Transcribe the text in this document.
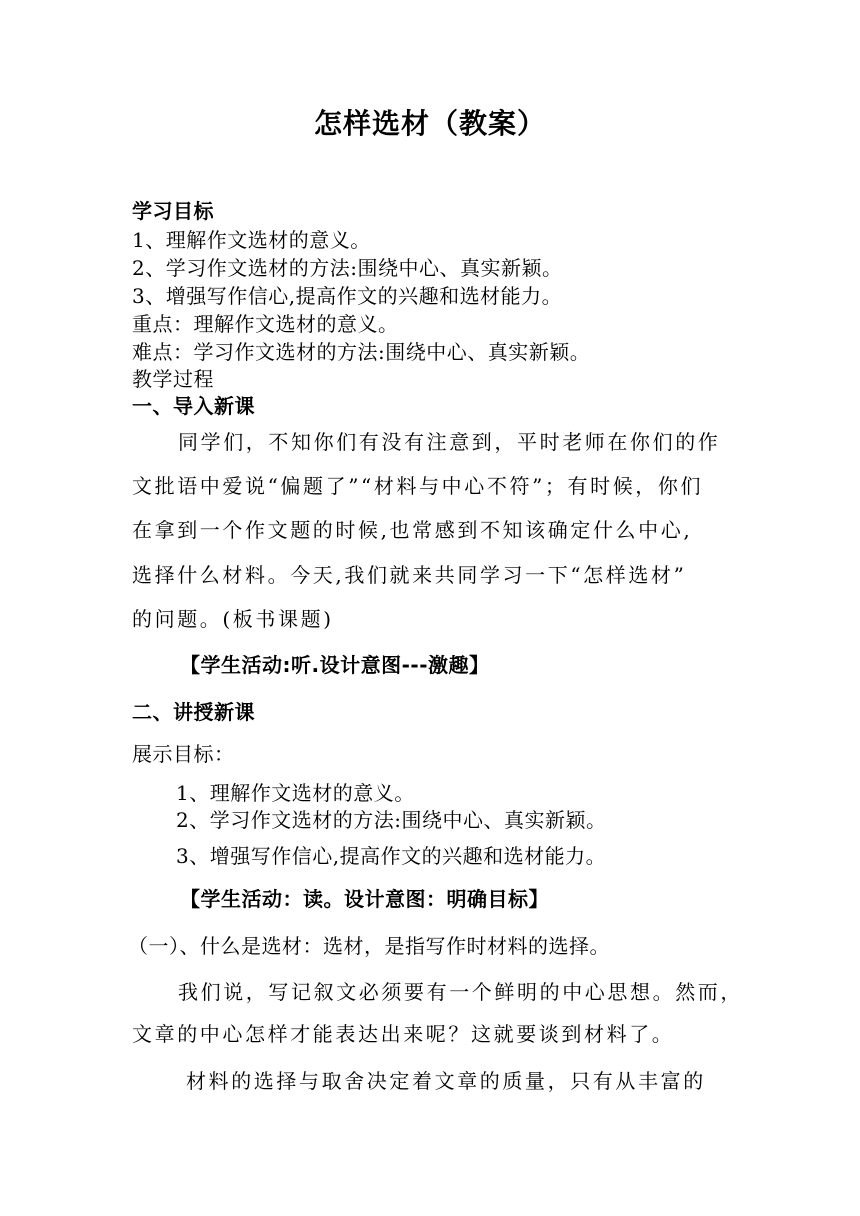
怎样选材（教案）
学习目标
1、理解作文选材的意义。
2、学习作文选材的方法:围绕中心、真实新颖。
3、增强写作信心,提高作文的兴趣和选材能力。
重点：理解作文选材的意义。
难点：学习作文选材的方法:围绕中心、真实新颖。
教学过程
一、导入新课
同学们，不知你们有没有注意到，平时老师在你们的作
文批语中爱说“偏题了”“材料与中心不符”；有时候，你们
在拿到一个作文题的时候,也常感到不知该确定什么中心,
选择什么材料。今天,我们就来共同学习一下“怎样选材”
的问题。(板书课题)
【学生活动:听.设计意图---激趣】
二、讲授新课
展示目标：
1、理解作文选材的意义。
2、学习作文选材的方法:围绕中心、真实新颖。
3、增强写作信心,提高作文的兴趣和选材能力。
【学生活动：读。设计意图：明确目标】
（一）、什么是选材：选材，是指写作时材料的选择。
我们说，写记叙文必须要有一个鲜明的中心思想。然而，
文章的中心怎样才能表达出来呢？这就要谈到材料了。
材料的选择与取舍决定着文章的质量，只有从丰富的
